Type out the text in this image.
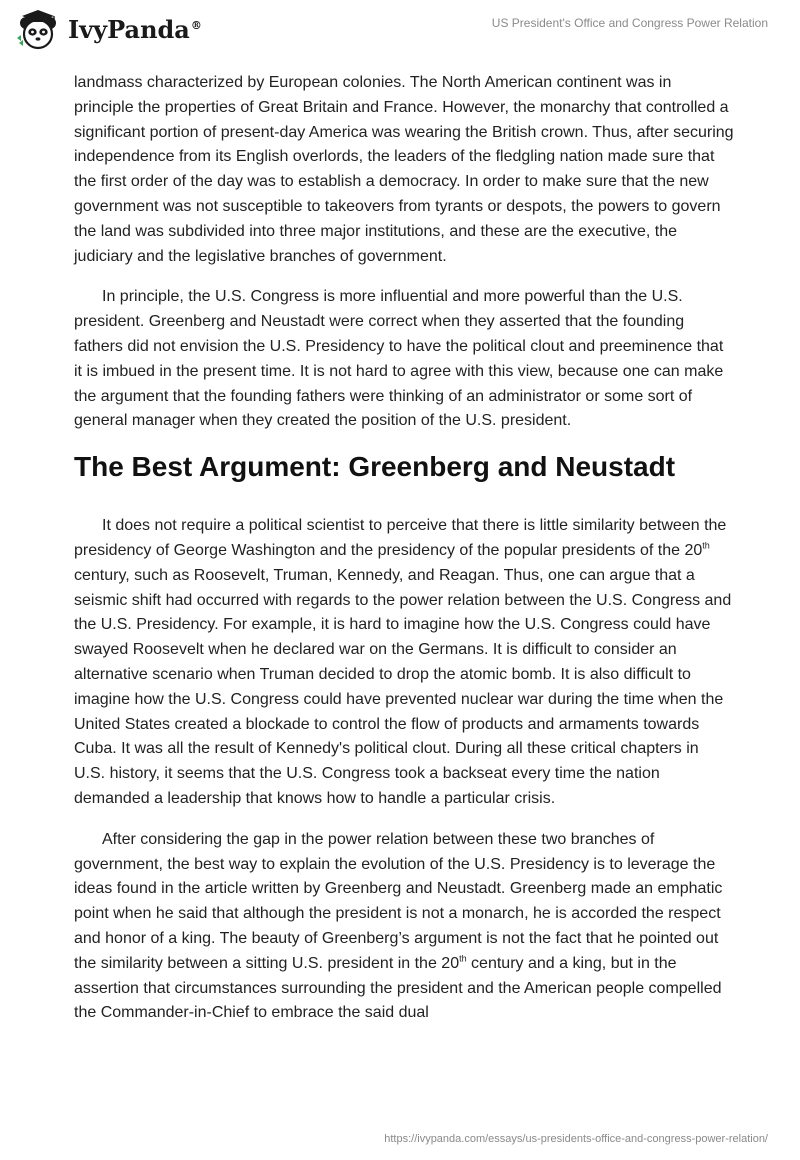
IvyPanda®	US President's Office and Congress Power Relation

landmass characterized by European colonies. The North American continent was in principle the properties of Great Britain and France. However, the monarchy that controlled a significant portion of present-day America was wearing the British crown. Thus, after securing independence from its English overlords, the leaders of the fledgling nation made sure that the first order of the day was to establish a democracy. In order to make sure that the new government was not susceptible to takeovers from tyrants or despots, the powers to govern the land was subdivided into three major institutions, and these are the executive, the judiciary and the legislative branches of government.

In principle, the U.S. Congress is more influential and more powerful than the U.S. president. Greenberg and Neustadt were correct when they asserted that the founding fathers did not envision the U.S. Presidency to have the political clout and preeminence that it is imbued in the present time. It is not hard to agree with this view, because one can make the argument that the founding fathers were thinking of an administrator or some sort of general manager when they created the position of the U.S. president.

The Best Argument: Greenberg and Neustadt

It does not require a political scientist to perceive that there is little similarity between the presidency of George Washington and the presidency of the popular presidents of the 20th century, such as Roosevelt, Truman, Kennedy, and Reagan. Thus, one can argue that a seismic shift had occurred with regards to the power relation between the U.S. Congress and the U.S. Presidency. For example, it is hard to imagine how the U.S. Congress could have swayed Roosevelt when he declared war on the Germans. It is difficult to consider an alternative scenario when Truman decided to drop the atomic bomb. It is also difficult to imagine how the U.S. Congress could have prevented nuclear war during the time when the United States created a blockade to control the flow of products and armaments towards Cuba. It was all the result of Kennedy's political clout. During all these critical chapters in U.S. history, it seems that the U.S. Congress took a backseat every time the nation demanded a leadership that knows how to handle a particular crisis.

After considering the gap in the power relation between these two branches of government, the best way to explain the evolution of the U.S. Presidency is to leverage the ideas found in the article written by Greenberg and Neustadt. Greenberg made an emphatic point when he said that although the president is not a monarch, he is accorded the respect and honor of a king. The beauty of Greenberg’s argument is not the fact that he pointed out the similarity between a sitting U.S. president in the 20th century and a king, but in the assertion that circumstances surrounding the president and the American people compelled the Commander-in-Chief to embrace the said dual

https://ivypanda.com/essays/us-presidents-office-and-congress-power-relation/
